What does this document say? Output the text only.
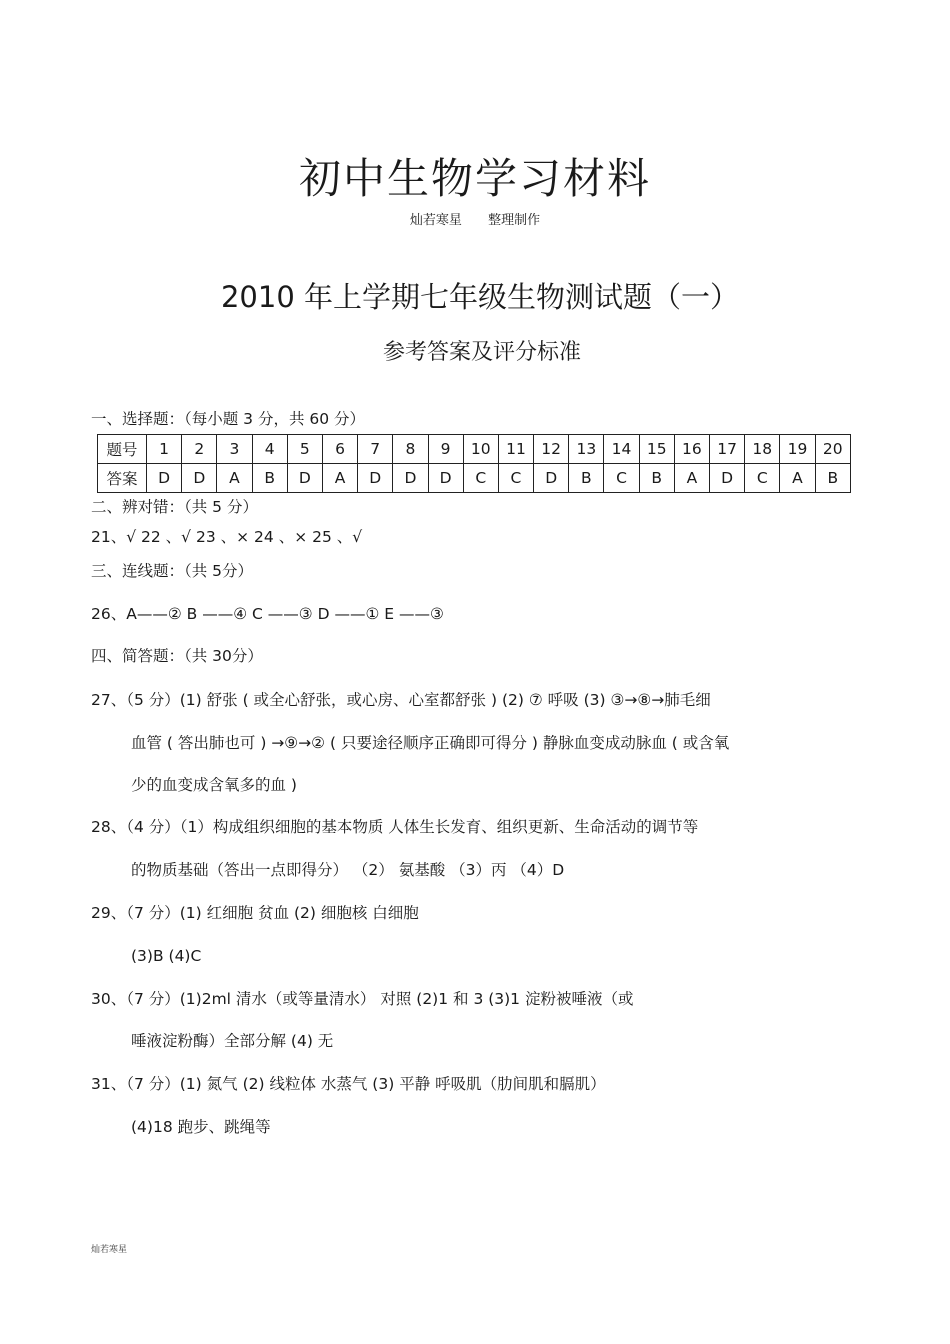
初中生物学习材料
灿若寒星 整理制作
2010 年上学期七年级生物测试题（一）
参考答案及评分标准
一、选择题：（每小题 3 分，共 60 分）
题号	1	2	3	4	5	6	7	8	9	10	11	12	13	14	15	16	17	18	19	20
答案	D	D	A	B	D	A	D	D	D	C	C	D	B	C	B	A	D	C	A	B
二、辨对错：（共 5 分）
21、√ 22 、√ 23 、× 24 、× 25 、√
三、连线题：（共 5分）
26、A——② B ——④ C ——③ D ——① E ——③
四、简答题：（共 30分）
27、（5 分）(1) 舒张 ( 或全心舒张，或心房、心室都舒张 ) (2) ⑦ 呼吸 (3) ③→⑧→肺毛细
血管 ( 答出肺也可 ) →⑨→② ( 只要途径顺序正确即可得分 ) 静脉血变成动脉血 ( 或含氧
少的血变成含氧多的血 )
28、（4 分）（1）构成组织细胞的基本物质 人体生长发育、组织更新、生命活动的调节等
的物质基础（答出一点即得分） （2） 氨基酸 （3）丙 （4）D
29、（7 分）(1) 红细胞 贫血 (2) 细胞核 白细胞
(3)B (4)C
30、（7 分）(1)2ml 清水（或等量清水） 对照 (2)1 和 3 (3)1 淀粉被唾液（或
唾液淀粉酶）全部分解 (4) 无
31、（7 分）(1) 氮气 (2) 线粒体 水蒸气 (3) 平静 呼吸肌（肋间肌和膈肌）
(4)18 跑步、跳绳等
灿若寒星
